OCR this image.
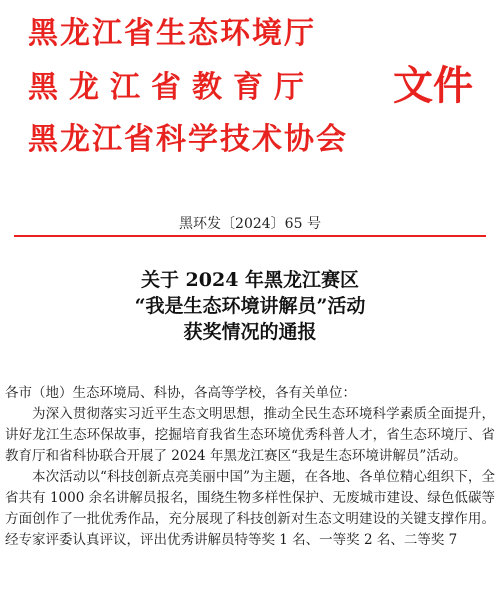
黑龙江省生态环境厅
黑龙江省教育厅
黑龙江省科学技术协会
文件
黑环发〔2024〕65 号
关于 2024 年黑龙江赛区
“我是生态环境讲解员”活动
获奖情况的通报

各市（地）生态环境局、科协，各高等学校，各有关单位：

为深入贯彻落实习近平生态文明思想，推动全民生态环境科学素质全面提升，讲好龙江生态环保故事，挖掘培育我省生态环境优秀科普人才，省生态环境厅、省教育厅和省科协联合开展了 2024 年黑龙江赛区“我是生态环境讲解员”活动。

本次活动以“科技创新点亮美丽中国”为主题，在各地、各单位精心组织下，全省共有 1000 余名讲解员报名，围绕生物多样性保护、无废城市建设、绿色低碳等方面创作了一批优秀作品，充分展现了科技创新对生态文明建设的关键支撑作用。经专家评委认真评议，评出优秀讲解员特等奖 1 名、一等奖 2 名、二等奖 7
